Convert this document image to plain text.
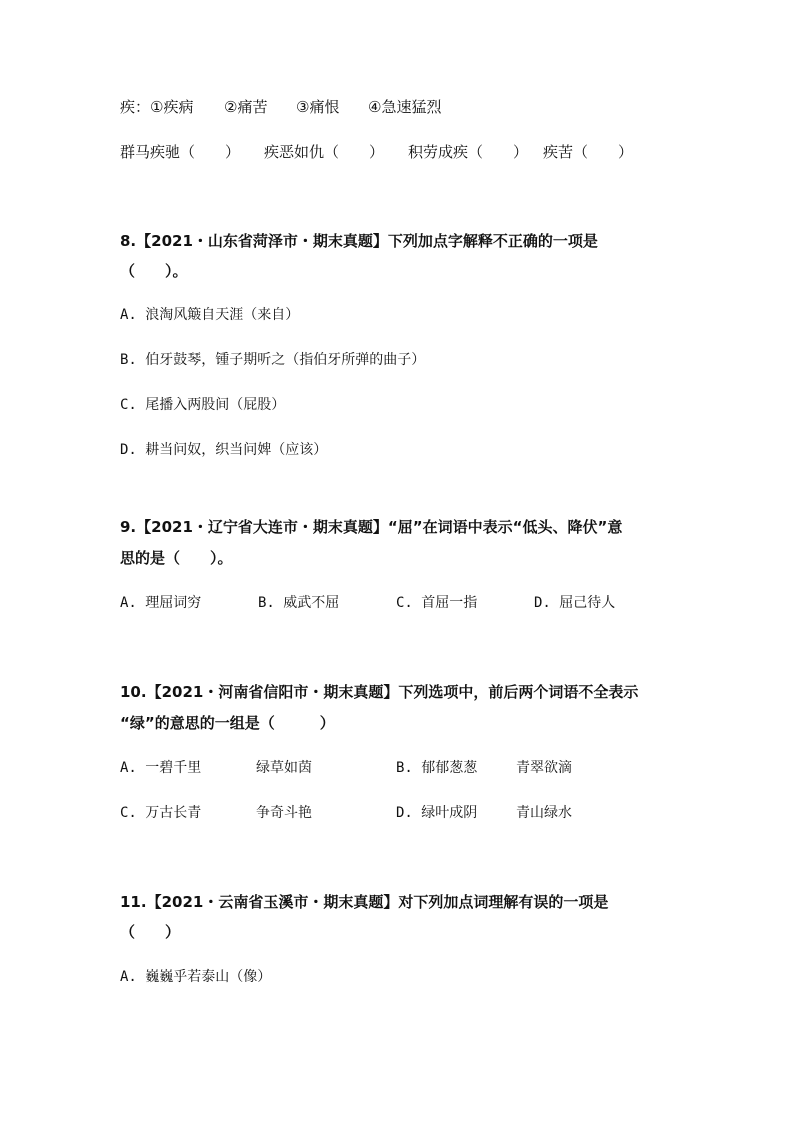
疾：①疾病 ②痛苦 ③痛恨 ④急速猛烈
群马疾驰（　　） 疾恶如仇（　　） 积劳成疾（　　） 疾苦（　　）
8.【2021・山东省菏泽市・期末真题】下列加点字解释不正确的一项是
（　　）。
A. 浪淘风簸自天涯（来自）
B. 伯牙鼓琴，锺子期听之（指伯牙所弹的曲子）
C. 尾播入两股间（屁股）
D. 耕当问奴，织当问婢（应该）
9.【2021・辽宁省大连市・期末真题】“屈”在词语中表示“低头、降伏”意
思的是（　　）。
A. 理屈词穷	B. 威武不屈	C. 首屈一指	D. 屈己待人
10.【2021・河南省信阳市・期末真题】下列选项中，前后两个词语不全表示
“绿”的意思的一组是（　　　）
A. 一碧千里	绿草如茵	B. 郁郁葱葱	青翠欲滴
C. 万古长青	争奇斗艳	D. 绿叶成阴	青山绿水
11.【2021・云南省玉溪市・期末真题】对下列加点词理解有误的一项是
（　　）
A. 巍巍乎若泰山（像）
